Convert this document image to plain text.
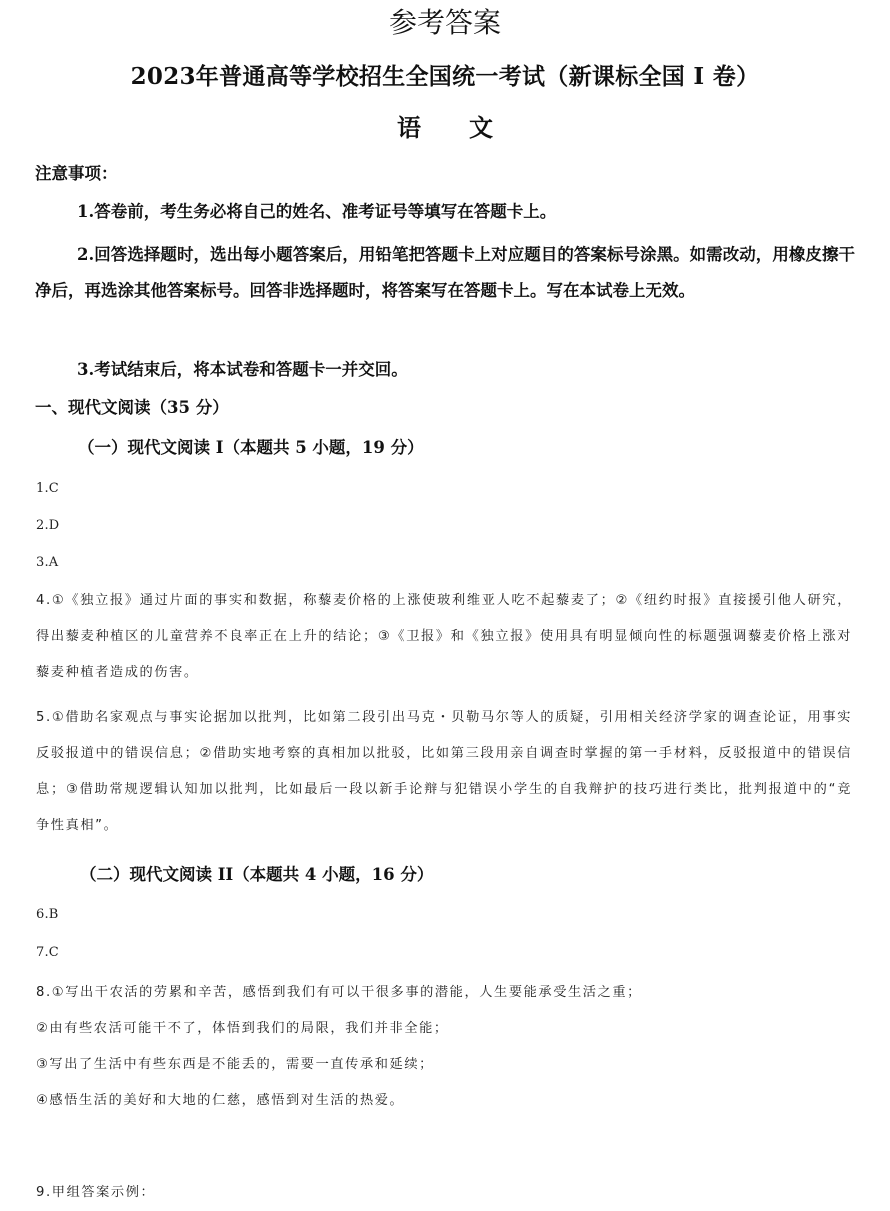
参考答案
2023年普通高等学校招生全国统一考试（新课标全国 I 卷）
语 文
注意事项：
1.答卷前，考生务必将自己的姓名、准考证号等填写在答题卡上。
2.回答选择题时，选出每小题答案后，用铅笔把答题卡上对应题目的答案标号涂黑。如需改动，用橡皮擦干净后，再选涂其他答案标号。回答非选择题时，将答案写在答题卡上。写在本试卷上无效。
3.考试结束后，将本试卷和答题卡一并交回。
一、现代文阅读（35 分）
（一）现代文阅读 I（本题共 5 小题，19 分）
1.C
2.D
3.A
4.①《独立报》通过片面的事实和数据，称藜麦价格的上涨使玻利维亚人吃不起藜麦了；②《纽约时报》直接援引他人研究，得出藜麦种植区的儿童营养不良率正在上升的结论；③《卫报》和《独立报》使用具有明显倾向性的标题强调藜麦价格上涨对藜麦种植者造成的伤害。
5.①借助名家观点与事实论据加以批判，比如第二段引出马克・贝勒马尔等人的质疑，引用相关经济学家的调查论证，用事实反驳报道中的错误信息；②借助实地考察的真相加以批驳，比如第三段用亲自调查时掌握的第一手材料，反驳报道中的错误信息；③借助常规逻辑认知加以批判，比如最后一段以新手论辩与犯错误小学生的自我辩护的技巧进行类比，批判报道中的“竞争性真相”。
（二）现代文阅读 II（本题共 4 小题，16 分）
6.B
7.C
8.①写出干农活的劳累和辛苦，感悟到我们有可以干很多事的潜能，人生要能承受生活之重；
②由有些农活可能干不了，体悟到我们的局限，我们并非全能；
③写出了生活中有些东西是不能丢的，需要一直传承和延续；
④感悟生活的美好和大地的仁慈，感悟到对生活的热爱。
9.甲组答案示例：
